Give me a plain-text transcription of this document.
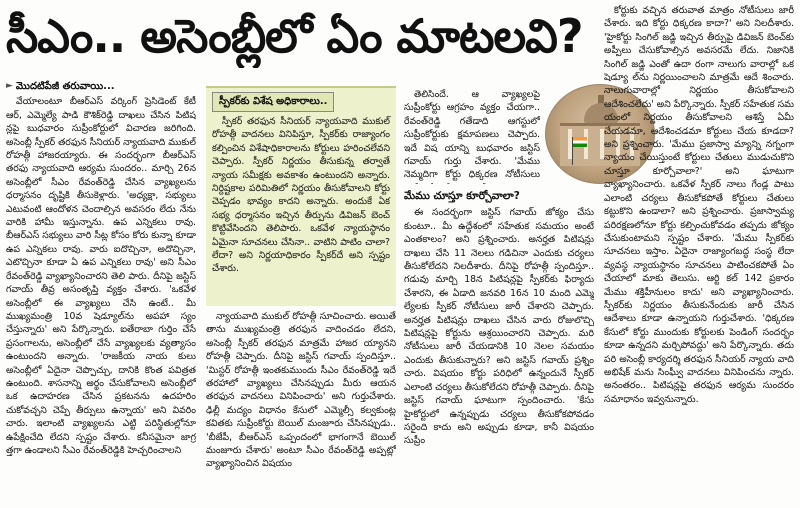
సీఎం.. అసెంబ్లీలో ఏం మాటలవి?
► మొదటిపేజీ తరువాయి...

వేయాలంటూ బీఆర్‌ఎస్‌ వర్కింగ్‌ ప్రెసిడెంట్‌ కేటీ ఆర్‌, ఎమ్మెల్యే పాడి కౌశిక్‌రెడ్డి దాఖలు చేసిన పిటిష న్లపై బుధవారం సుప్రీంకోర్టులో విచారణ జరిగింది. అసెంబ్లీ స్పీకర్‌ తరఫున సీనియర్‌ న్యాయవాది ముకుల్‌ రోహత్గీ హాజరయ్యారు. ఈ సందర్భంగా బీఆర్‌ఎస్‌ తరఫు న్యాయవాది ఆర్యమ సుందరం.. మార్చి 26న అసెంబ్లీలో సీఎం రేవంత్‌రెడ్డి చేసిన వ్యాఖ్యలను ధర్మాసనం దృష్టికి తీసుకెళ్లారు. 'అధ్యక్షా, సభ్యులు ఎటువంటి ఆందోళన చెందాల్సిన అవసరం లేదు నేను వారికి హామీ ఇస్తున్నాను. ఉప ఎన్నికలు రావు. బీఆర్‌ఎస్‌ సభ్యులు వారి సీట్ల కోసం కోరు కున్నా కూడా ఉప ఎన్నికలు రావు. వారు ఐదొచ్చినా, అదొచ్చినా, ఎటొచ్చినా కూడా ఏ ఉప ఎన్నికలు రావు' అని సీఎం రేవంత్‌రెడ్డి వ్యాఖ్యానించారని తెలి పారు. దీనిపై జస్టిస్‌ గవాయ్‌ తీవ్ర అసంతృప్తి వ్యక్తం చేశారు. 'ఒకవేళ అసెంబ్లీలో ఈ వ్యాఖ్యలు చేసి ఉంటే.. మీ ముఖ్యమంత్రి 10వ షెడ్యూల్‌ను అపహా స్యం చేస్తున్నారు' అని పేర్కొన్నారు. ఐతేరాబా గుర్తిం చేసే ప్రసంగాలను, అసెంబ్లీలో చేసే వ్యాఖ్యలకు వ్యత్యాసం ఉంటుందని అన్నారు. 'రాజకీయ నాయ కులు అసెంబ్లీలో ఏదైనా చెప్పొచ్చు, దానికి కొంత పవిత్రత ఉంటుంది. శాసనాన్ని అర్థం చేసుకోవాలని అసెంబ్లీలో ఒక ఉదాహరణ చేసిన ప్రకటనను ఉదహరిం చుకోవచ్చని చెప్పే తీర్పులు ఉన్నాయ' అని వివరిం చారు. ఇలాంటి వ్యాఖ్యలను ఎట్టి పరిస్థితుల్లోనూ ఉపేక్షించేది లేదని స్పష్టం చేశారు. కనీసమైనా జాగ్ర త్తగా ఉండాలని సీఎం రేవంత్‌రెడ్డికి హెచ్చరించాలని

స్పీకర్‌కు విశేష అధికారాలు..

స్పీకర్‌ తరఫున సీనియర్‌ న్యాయవాది ముకుల్‌ రోహత్గీ వాదనలు వినిపిస్తూ, స్పీకర్‌కు రాజ్యాంగం కల్పించిన విశేషాధికారాలను కోర్టులు హరించలేవని చెప్పారు. స్పీకర్‌ నిర్ణయం తీసుకున్న తర్వాతే న్యాయ సమీక్షకు అవకాశం ఉంటుందని అన్నారు. నిర్దిష్టకాల పరిమితిలో నిర్ణయం తీసుకోవాలని కోర్టు చెప్పడం భావ్యం కాదని అన్నారు. అందుకే ఏక సభ్య ధర్మాసనం ఇచ్చిన తీర్పును డివిజన్‌ బెంచ్‌ కొట్టివేసిందని తెలిపారు. ఒకవేళ న్యాయస్థానం ఏమైనా సూచనలు చేసినా.. వాటిని పాటిం చాలా? లేదా? అని నిర్ణయాధికారం స్పీకర్‌దే అని స్పష్టం చేశారు.

న్యాయవాది ముకుల్‌ రోహత్గీ సూచించారు. అయితే తాను ముఖ్యమంత్రి తరఫున వాదించడం లేదని, అసెంబ్లీ స్పీకర్‌ తరఫున మాత్రమే హాజర య్యానని రోహత్గీ చెప్పారు. దీనిపై జస్టిస్‌ గవాయ్‌ స్పందిస్తూ.. 'మిస్టర్‌ రోహత్గీ ఇంతకుముందు సీఎం రేవంత్‌రెడ్డి ఇదే తరహాలో వ్యాఖ్యలు చేసినప్పుడు మీరు ఆయన తరఫున వాదనలు వినిపించారు' అని గుర్తుచేశారు. ఢిల్లీ మద్యం విధానం కేసులో ఎమ్మెల్సీ కల్వకుంట్ల కవితకు సుప్రీంకోర్టు బెయిల్‌ మంజూరు చేసినప్పుడు.. 'బీజేపీ, బీఆర్‌ఎస్‌ ఒప్పందంలో భాగంగానే బెయిల్‌ మంజూరు చేశారు' అంటూ సీఎం రేవంత్‌రెడ్డి అప్పట్లో వ్యాఖ్యానించిన విషయం

తెలిసిందే. ఆ వ్యాఖ్యలపై సుప్రీంకోర్టు ఆగ్రహం వ్యక్తం చేయగా.. రేవంత్‌రెడ్డి గతేడాది ఆగస్టులో సుప్రీంకోర్టుకు క్షమాపణలు చెప్పారు. ఇదే విష యాన్ని బుధవారం జస్టిస్‌ గవాయ్‌ గుర్తు చేశారు. 'మేము నెమ్మదిగా కోర్టు ధిక్కరణ నోటీసులు

మేము చూస్తూ కూర్చోవాలా?

ఈ సందర్భంగా జస్టిస్‌ గవాయ్‌ జోక్యం చేసు కుంటూ.. మీ ఉద్దేశంలో సహేతుక సమయం అంటే ఎంతకాలం? అని ప్రశ్నించారు. అనర్హత పిటిషన్లు దాఖలు చేసి 11 నెలలు గడిచినా ఎందుకు చర్యలు తీసుకోలేదని నిలదీశారు. దీనిపై రోహత్గీ స్పందిస్తూ.. గడువు మార్చి 18న పిటిషన్లపై స్పీకర్‌కు ఫిర్యాదు చేశారని, ఈ ఏడాది జనవరి 16న 10 మంది ఎమ్మె ల్యేలకు స్పీకర్‌ నోటీసులు జారీ చేశారని చెప్పారు. అనర్హత పిటిషన్లు దాఖలు చేసిన వారు రోజులొచ్చి పిటిషన్లపై కోర్టును ఆశ్రయించారని చెప్పారు. మరి నోటీసులు జారీ చేయడానికి 10 నెలల సమయం ఎందుకు తీసుకున్నారు? అని జస్టిస్‌ గవాయ్‌ ప్రశ్నిం చారు. విషయం కోర్టు పరిధిలో ఉన్నందునే స్పీకర్‌ ఎలాంటి చర్యలు తీసుకోలేదని రోహత్గీ చెప్పారు. దీనిపై జస్టిస్‌ గవాయ్‌ ఘాటుగా స్పందించారు. 'కేసు హైకోర్టులో ఉన్నప్పుడు చర్యలు తీసుకోకపోవడం సరైంది కాదు అని అప్పుడు కూడా, కానీ విషయం సుప్రీం

కోర్టుకు వచ్చిన తరువాత మాత్రం నోటీసులు జారీ చేశారు. ఇది కోర్టు ధిక్కరణ కాదా?' అని నిలదీశారు. 'హైకోర్టు సింగిల్‌ జడ్జి ఇచ్చిన తీర్పుపై డివిజన్‌ బెంచ్‌కు అప్పీలు చేసుకోవాల్సిన అవసరమే లేదు. నిజానికి సింగిల్‌ జడ్జి ఎంతో ఉదా రంగా నాలుగు వారాల్లో ఒక షెడ్యూ ల్‌ను నిర్ణయించాలని మాత్రమే ఆదే శించారు. నాలుగువారాల్లో నిర్ణయం తీసుకోవాలని ఆదేశించలేదు' అని పేర్కొన్నారు. స్పీకర్‌ సహేతుక సమ యంలో నిర్ణయం తీసుకోవాలని ఆశిస్తే ఏమీ చేయడమా, ఆదేశించడమా కోర్టులు చేయ కూడదా? అని ప్రశ్నించారు. 'మేము ప్రజాస్వా మ్యాన్ని నగ్నంగా న్యాయం చేయిస్తుంటే కోర్టులు చేతులు ముడుచుకొని చూస్తూ కూర్చోవాలా?' అని ఘాటుగా వ్యాఖ్యానించారు. ఒకవేళ స్పీకర్‌ నాలు గేండ్ల పాటు ఎలాంటి చర్యలు తీసుకోకపోతే కోర్టులు చేతులు కట్టుకొని ఉండాలా? అని ప్రశ్నించారు. ప్రజాస్వామ్య పరిరక్షణలోనూ కోర్టు కల్పించుకోవడం తప్పదు జోక్యం చేసుకుంటామని స్పష్టం చేశారు. 'మేము స్పీకర్‌కు సూచనలు ఇస్తాం. ఏదైనా రాజ్యాంగబద్ధ సంస్థ లేదా వ్యవస్థ న్యాయస్థానం సూచనలు పాటించకపోతే ఏం చేయాలో మాకు తెలుసు. ఆర్టి కల్‌ 142 ప్రకారం మేము శక్తిహీనులం కాదు' అని వ్యాఖ్యానించారు. స్పీకర్‌కు నిర్ణయం తీసుకునేందుకు జారీ చేసిన ఆదేశాలు కూడా ఉన్నాయని గుర్తుచేశారు. 'ధిక్కరణ కేసులో కోర్టు ముందుకు కోర్టులకు పెండింగ్‌ సందర్భం కూడా ఉన్నదని మర్చిపోవద్దు' అని పేర్కొన్నారు. తదు పరి అసెంబ్లీ కార్యదర్శి తరఫున సీనియర్‌ న్యాయ వాది అభిషేక్‌ మను సింఘ్వీ వాదనలు వినిపించను న్నారు. అనంతరం.. పిటిషన్లపై తరఫున ఆర్యమ సుందరం సమాధానం ఇవ్వనున్నారు.
